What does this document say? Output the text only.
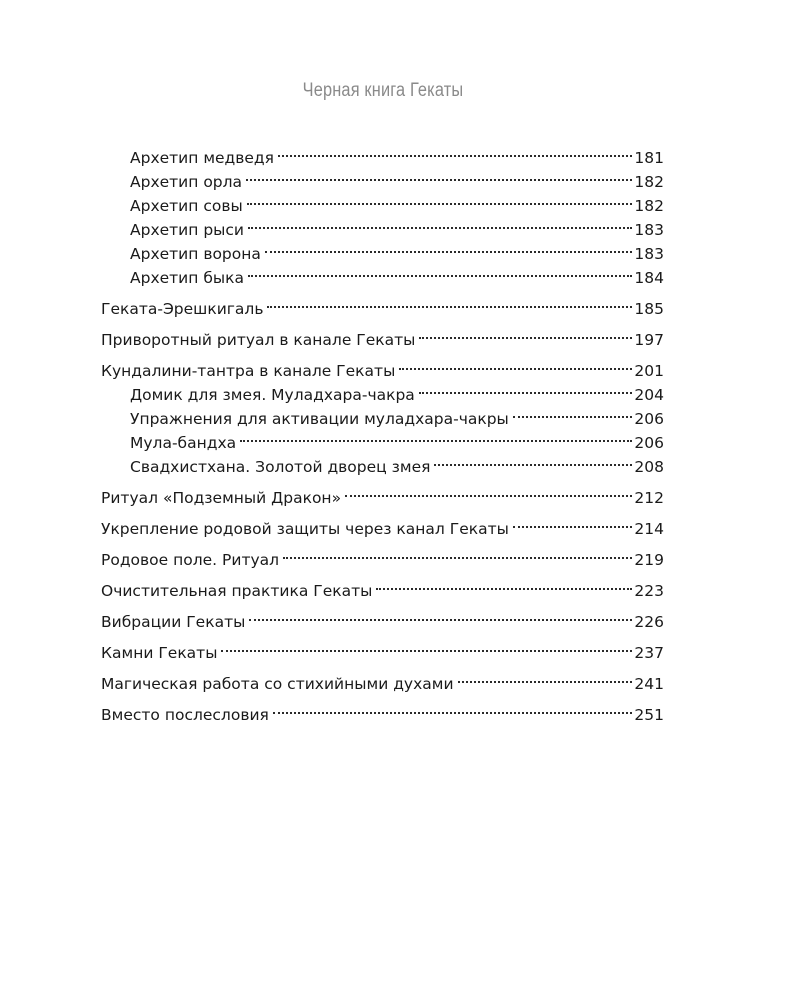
Черная книга Гекаты
Архетип медведя	181
Архетип орла	182
Архетип совы	182
Архетип рыси	183
Архетип ворона	183
Архетип быка	184
Геката-Эрешкигаль	185
Приворотный ритуал в канале Гекаты	197
Кундалини-тантра в канале Гекаты	201
Домик для змея. Муладхара-чакра	204
Упражнения для активации муладхара-чакры	206
Мула-бандха	206
Свадхистхана. Золотой дворец змея	208
Ритуал «Подземный Дракон»	212
Укрепление родовой защиты через канал Гекаты	214
Родовое поле. Ритуал	219
Очистительная практика Гекаты	223
Вибрации Гекаты	226
Камни Гекаты	237
Магическая работа со стихийными духами	241
Вместо послесловия	251
